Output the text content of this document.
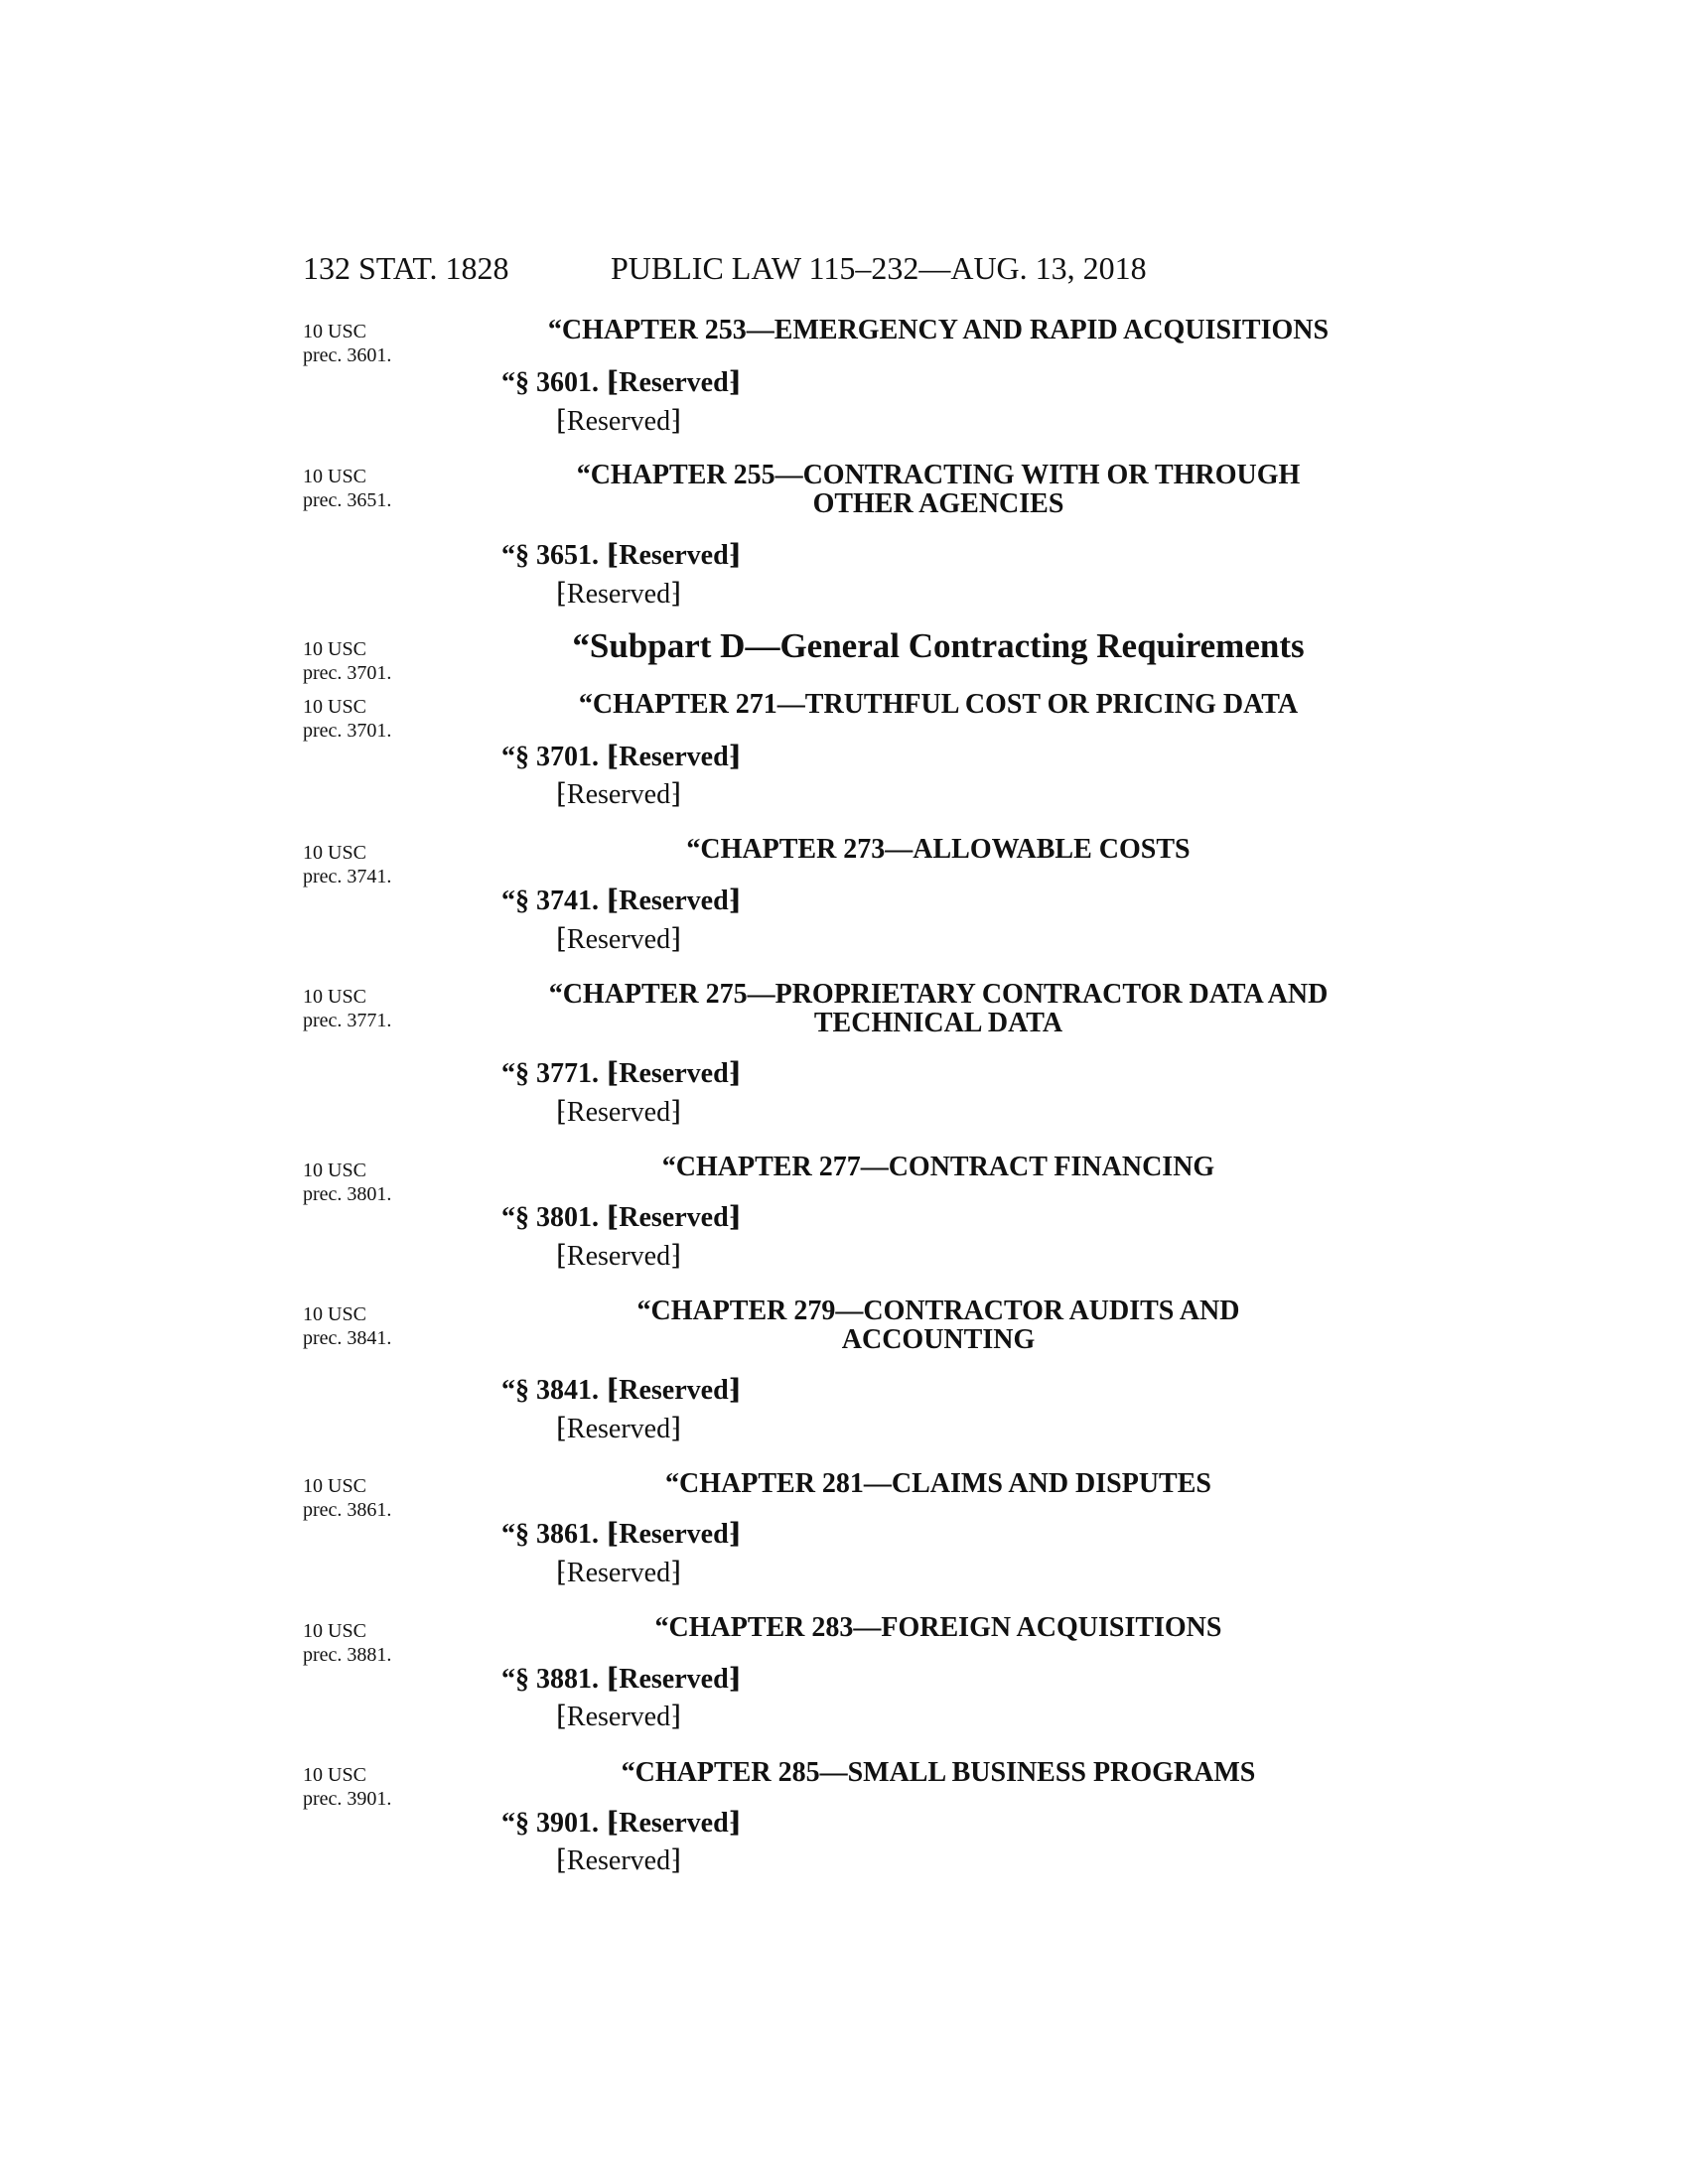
132 STAT. 1828	PUBLIC LAW 115–232—AUG. 13, 2018
10 USC
prec. 3601.
“CHAPTER 253—EMERGENCY AND RAPID ACQUISITIONS
“§ 3601. ⁅Reserved⁆
⁅Reserved⁆
10 USC
prec. 3651.
“CHAPTER 255—CONTRACTING WITH OR THROUGH
OTHER AGENCIES
“§ 3651. ⁅Reserved⁆
⁅Reserved⁆
10 USC
prec. 3701.
“Subpart D—General Contracting Requirements
10 USC
prec. 3701.
“CHAPTER 271—TRUTHFUL COST OR PRICING DATA
“§ 3701. ⁅Reserved⁆
⁅Reserved⁆
10 USC
prec. 3741.
“CHAPTER 273—ALLOWABLE COSTS
“§ 3741. ⁅Reserved⁆
⁅Reserved⁆
10 USC
prec. 3771.
“CHAPTER 275—PROPRIETARY CONTRACTOR DATA AND
TECHNICAL DATA
“§ 3771. ⁅Reserved⁆
⁅Reserved⁆
10 USC
prec. 3801.
“CHAPTER 277—CONTRACT FINANCING
“§ 3801. ⁅Reserved⁆
⁅Reserved⁆
10 USC
prec. 3841.
“CHAPTER 279—CONTRACTOR AUDITS AND
ACCOUNTING
“§ 3841. ⁅Reserved⁆
⁅Reserved⁆
10 USC
prec. 3861.
“CHAPTER 281—CLAIMS AND DISPUTES
“§ 3861. ⁅Reserved⁆
⁅Reserved⁆
10 USC
prec. 3881.
“CHAPTER 283—FOREIGN ACQUISITIONS
“§ 3881. ⁅Reserved⁆
⁅Reserved⁆
10 USC
prec. 3901.
“CHAPTER 285—SMALL BUSINESS PROGRAMS
“§ 3901. ⁅Reserved⁆
⁅Reserved⁆
